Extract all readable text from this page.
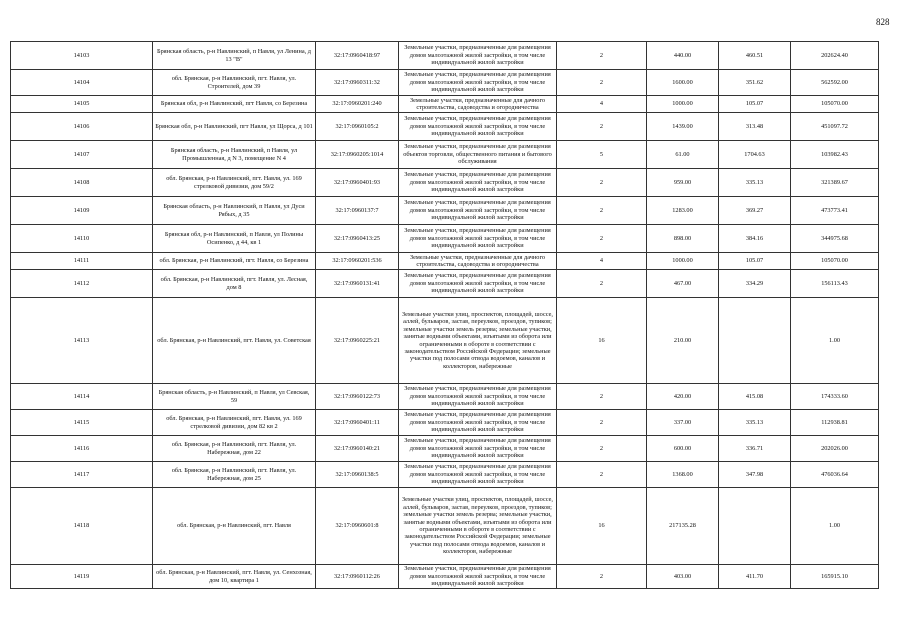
828
14103	Брянская область, р-н Навлинский, п Навля, ул Ленина, д 13 "В"	32:17:0960418:97	Земельные участки, предназначенные для размещения домов малоэтажной жилой застройки, в том числе индивидуальной жилой застройки	2	440.00	460.51	202624.40
14104	обл. Брянская, р-н Навлинский, пгт. Навля, ул. Строителей, дом 39	32:17:0960311:32	Земельные участки, предназначенные для размещения домов малоэтажной жилой застройки, в том числе индивидуальной жилой застройки	2	1600.00	351.62	562592.00
14105	Брянская обл, р-н Навлинский, пгт Навля, со Березина	32:17:0960201:240	Земельные участки, предназначенные для дачного строительства, садоводства и огородничества	4	1000.00	105.07	105070.00
14106	Брянская обл, р-н Навлинский, пгт Навля, ул Щорса, д 101	32:17:0960105:2	Земельные участки, предназначенные для размещения домов малоэтажной жилой застройки, в том числе индивидуальной жилой застройки	2	1439.00	313.48	451097.72
14107	Брянская область, р-н Навлинский, п Навля, ул Промышленная, д N 3, помещение N 4	32:17:0960205:1014	Земельные участки, предназначенные для размещения объектов торговли, общественного питания и бытового обслуживания	5	61.00	1704.63	103982.43
14108	обл. Брянская, р-н Навлинский, пгт. Навля, ул. 169 стрелковой дивизии, дом 59/2	32:17:0960401:93	Земельные участки, предназначенные для размещения домов малоэтажной жилой застройки, в том числе индивидуальной жилой застройки	2	959.00	335.13	321389.67
14109	Брянская область, р-н Навлинский, п Навля, ул Дуси Рябых, д 35	32:17:0960137:7	Земельные участки, предназначенные для размещения домов малоэтажной жилой застройки, в том числе индивидуальной жилой застройки	2	1283.00	369.27	473773.41
14110	Брянская обл, р-н Навлинский, п Навля, ул Полины Осипенко, д 44, кв 1	32:17:0960413:25	Земельные участки, предназначенные для размещения домов малоэтажной жилой застройки, в том числе индивидуальной жилой застройки	2	898.00	384.16	344975.68
14111	обл. Брянская, р-н Навлинский, пгт. Навля, со Березина	32:17:0960201:536	Земельные участки, предназначенные для дачного строительства, садоводства и огородничества	4	1000.00	105.07	105070.00
14112	обл. Брянская, р-н Навлинский, пгт. Навля, ул. Лесная, дом 8	32:17:0960131:41	Земельные участки, предназначенные для размещения домов малоэтажной жилой застройки, в том числе индивидуальной жилой застройки	2	467.00	334.29	156113.43
14113	обл. Брянская, р-н Навлинский, пгт. Навля, ул. Советская	32:17:0960225:21	Земельные участки улиц, проспектов, площадей, шоссе, аллей, бульваров, застав, переулков, проездов, тупиков; земельные участки земель резерва; земельные участки, занятые водными объектами, изъятыми из оборота или ограниченными в обороте в соответствии с законодательством Российской Федерации; земельные участки под полосами отвода водоемов, каналов и коллекторов, набережные	16	210.00		1.00
14114	Брянская область, р-н Навлинский, п Навля, ул Севская, 59	32:17:0960122:73	Земельные участки, предназначенные для размещения домов малоэтажной жилой застройки, в том числе индивидуальной жилой застройки	2	420.00	415.08	174333.60
14115	обл. Брянская, р-н Навлинский, пгт. Навля, ул. 169 стрелковой дивизии, дом 82 кв 2	32:17:0960401:11	Земельные участки, предназначенные для размещения домов малоэтажной жилой застройки, в том числе индивидуальной жилой застройки	2	337.00	335.13	112938.81
14116	обл. Брянская, р-н Навлинский, пгт. Навля, ул. Набережная, дом 22	32:17:0960140:21	Земельные участки, предназначенные для размещения домов малоэтажной жилой застройки, в том числе индивидуальной жилой застройки	2	600.00	336.71	202026.00
14117	обл. Брянская, р-н Навлинский, пгт. Навля, ул. Набережная, дом 25	32:17:0960138:5	Земельные участки, предназначенные для размещения домов малоэтажной жилой застройки, в том числе индивидуальной жилой застройки	2	1368.00	347.98	476036.64
14118	обл. Брянская, р-н Навлинский, пгт. Навля	32:17:0960601:8	Земельные участки улиц, проспектов, площадей, шоссе, аллей, бульваров, застав, переулков, проездов, тупиков; земельные участки земель резерва; земельные участки, занятые водными объектами, изъятыми из оборота или ограниченными в обороте в соответствии с законодательством Российской Федерации; земельные участки под полосами отвода водоемов, каналов и коллекторов, набережные	16	217135.28		1.00
14119	обл. Брянская, р-н Навлинский, пгт. Навля, ул. Сенхозная, дом 10, квартира 1	32:17:0960112:26	Земельные участки, предназначенные для размещения домов малоэтажной жилой застройки, в том числе индивидуальной жилой застройки	2	403.00	411.70	165915.10
